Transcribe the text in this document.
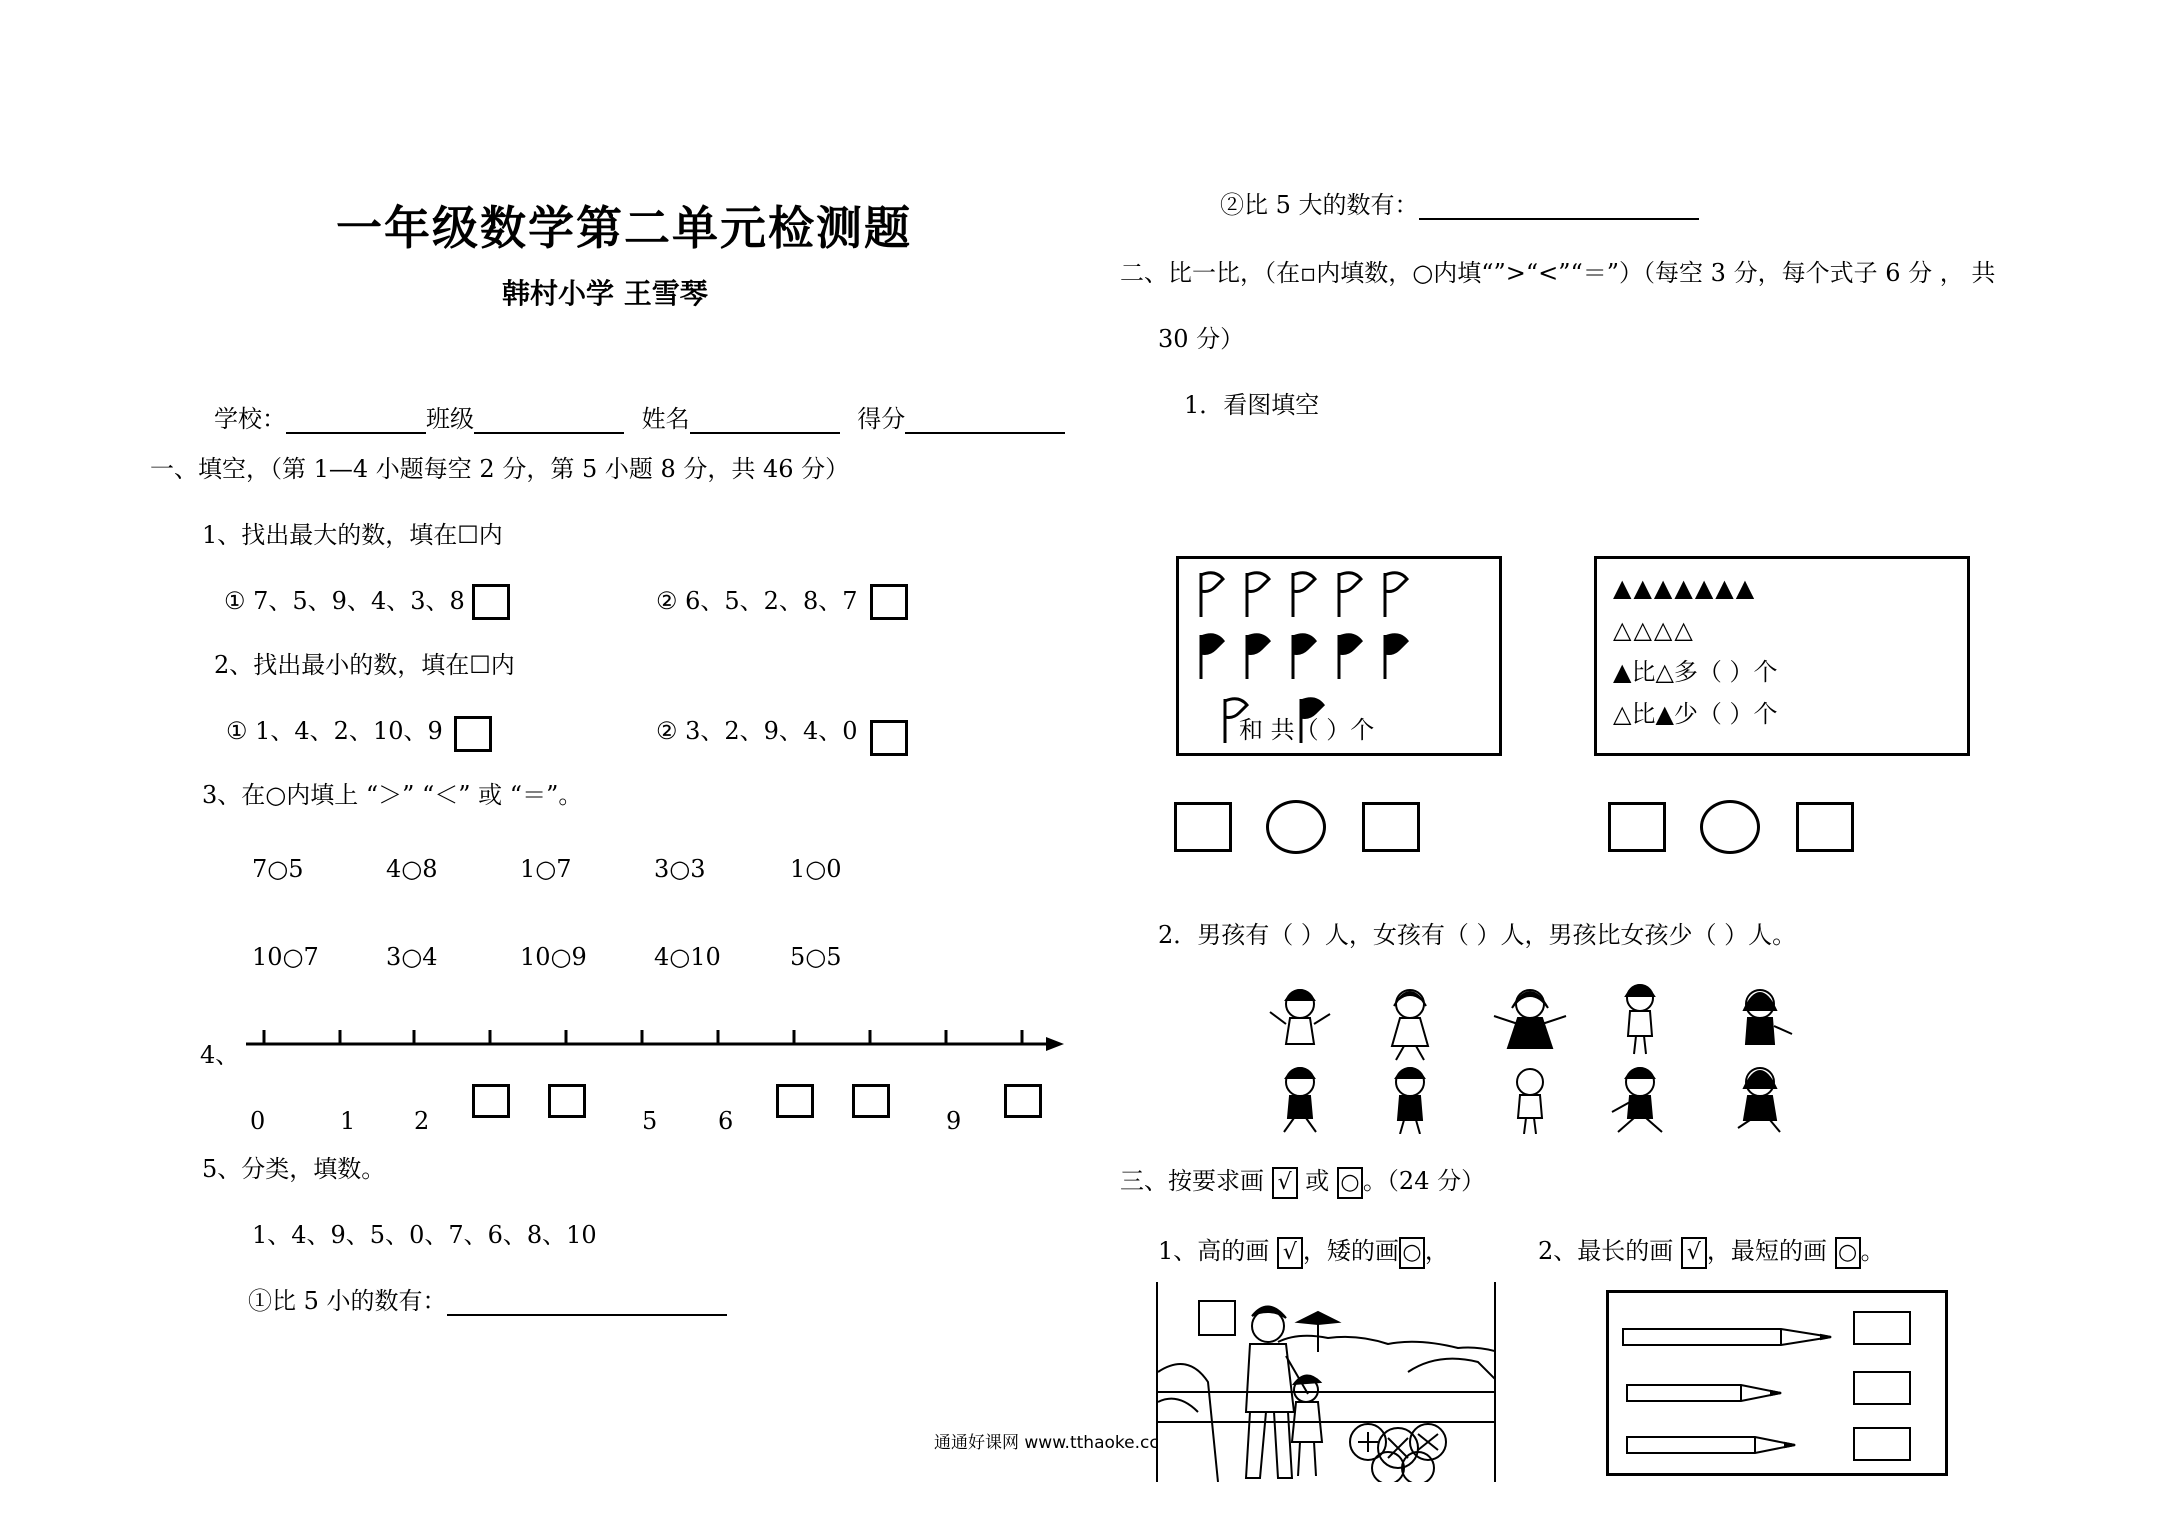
一年级数学第二单元检测题
韩村小学 王雪琴
学校：	班级	姓名	得分
一、填空，（第 1—4 小题每空 2 分，第 5 小题 8 分，共 46 分）
1、找出最大的数，填在☐内
① 7、5、9、4、3、8	② 6、5、2、8、7
2、找出最小的数，填在☐内
① 1、4、2、10、9	② 3、2、9、4、0
3、在○内填上 “＞” “＜” 或 “＝”。
7○5	4○8	1○7	3○3	1○0
10○7	3○4	10○9	4○10	5○5
4、
0	1 2	5	6	9
5、分类，填数。
1、4、9、5、0、7、6、8、10
①比 5 小的数有：
通通好课网 www.tthaoke.cc
②比 5 大的数有：
二、比一比，（在▫内填数，○内填“”>“<”“＝”）（每空 3 分，每个式子 6 分 ， 共
30 分）
1．看图填空
和 共（ ）个
▲▲▲▲▲▲▲
△△△△
▲比△多（ ）个
△比▲少（ ）个
2．男孩有（ ）人，女孩有（ ）人，男孩比女孩少（ ）人。
三、按要求画 √ 或 ○ 。（24 分）
1、高的画 √ ，矮的画 ○ ，	2、最长的画 √ ，最短的画 ○ 。
